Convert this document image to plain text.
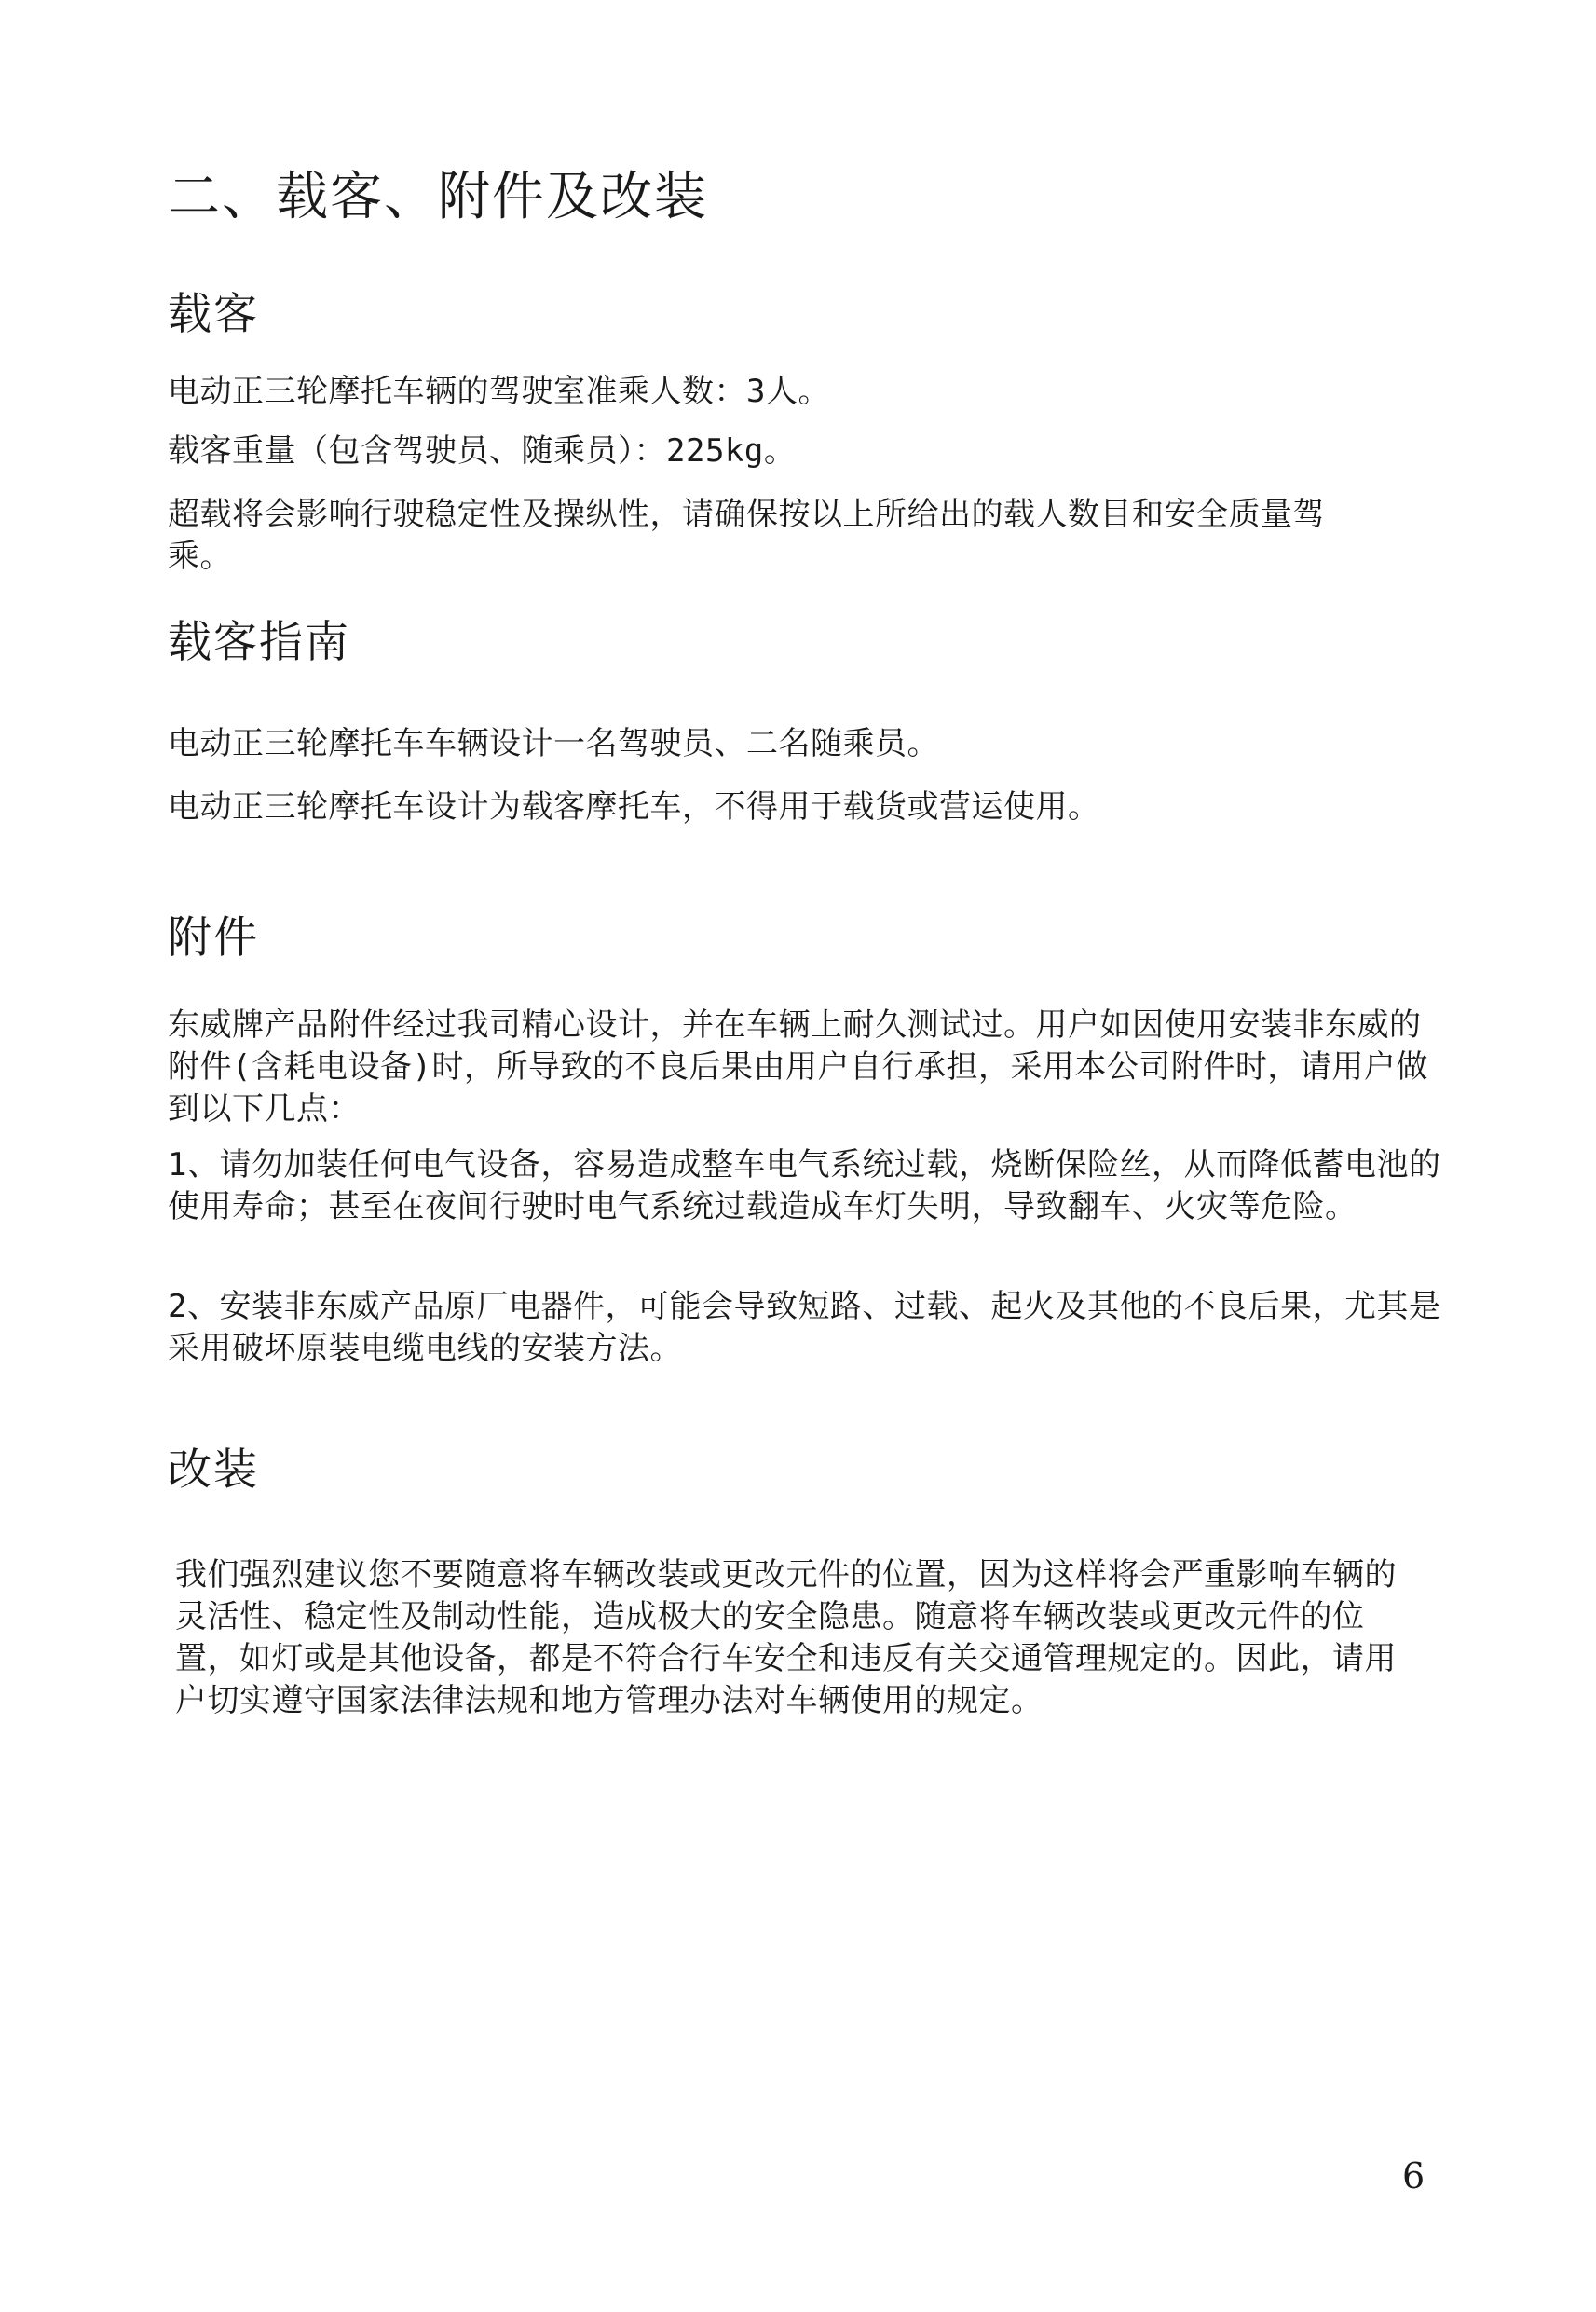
二、载客、附件及改装
载客

电动正三轮摩托车辆的驾驶室准乘人数：3人。

载客重量（包含驾驶员、随乘员）：225kg。

超载将会影响行驶稳定性及操纵性，请确保按以上所给出的载人数目和安全质量驾乘。

载客指南

电动正三轮摩托车车辆设计一名驾驶员、二名随乘员。

电动正三轮摩托车设计为载客摩托车，不得用于载货或营运使用。

附件

东威牌产品附件经过我司精心设计，并在车辆上耐久测试过。用户如因使用安装非东威的附件(含耗电设备)时，所导致的不良后果由用户自行承担，采用本公司附件时，请用户做到以下几点：

1、请勿加装任何电气设备，容易造成整车电气系统过载，烧断保险丝，从而降低蓄电池的使用寿命；甚至在夜间行驶时电气系统过载造成车灯失明，导致翻车、火灾等危险。

2、安装非东威产品原厂电器件，可能会导致短路、过载、起火及其他的不良后果，尤其是采用破坏原装电缆电线的安装方法。

改装

我们强烈建议您不要随意将车辆改装或更改元件的位置，因为这样将会严重影响车辆的灵活性、稳定性及制动性能，造成极大的安全隐患。随意将车辆改装或更改元件的位置，如灯或是其他设备，都是不符合行车安全和违反有关交通管理规定的。因此，请用户切实遵守国家法律法规和地方管理办法对车辆使用的规定。

6
